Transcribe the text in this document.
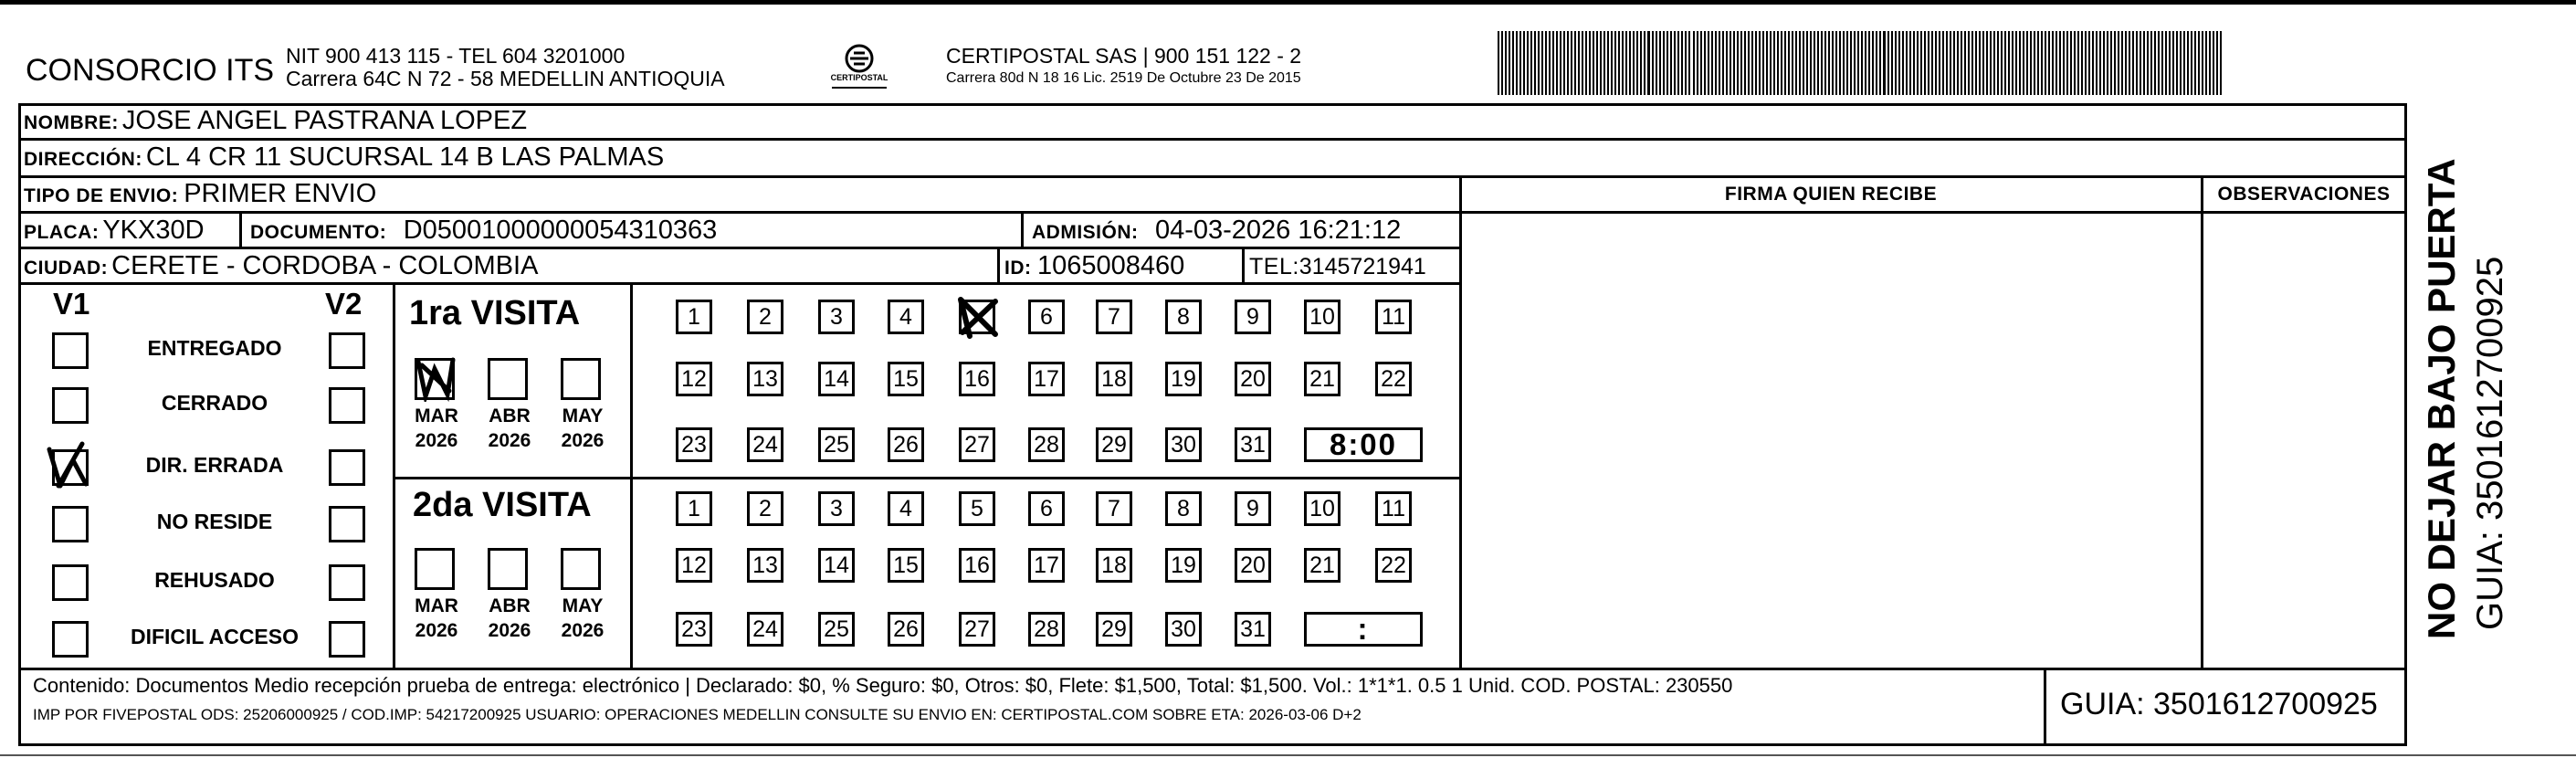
CONSORCIO ITS NIT 900 413 115 - TEL 604 3201000
Carrera 64C N 72 - 58 MEDELLIN ANTIOQUIA	CERTIPOSTAL
CERTIPOSTAL SAS | 900 151 122 - 2
Carrera 80d N 18 16 Lic. 2519 De Octubre 23 De 2015
NOMBRE: JOSE ANGEL PASTRANA LOPEZ
DIRECCIÓN: CL 4 CR 11 SUCURSAL 14 B LAS PALMAS
TIPO DE ENVIO: PRIMER ENVIO	FIRMA QUIEN RECIBE	OBSERVACIONES
PLACA: YKX30D DOCUMENTO: D050010000000543103​63	ADMISIÓN: 04-03-2026 16:21:12
CIUDAD: CERETE - CORDOBA - COLOMBIA	ID: 1065008460	TEL:3145721941
V1	V2
ENTREGADO
CERRADO
DIR. ERRADA
NO RESIDE
REHUSADO
DIFICIL ACCESO
1ra VISITA
MAR
2026
ABR
2026
MAY
2026
1	2	3	4	6	7	8	9	10 11
12 13 14 15 16 17 18 19 20 21 22
23 24 25 26 27 28 29 30 31	8:00
2da VISITA
MAR
2026
ABR
2026
MAY
2026
1	2	3	4	5	6	7	8	9	10 11
12 13 14 15 16 17 18 19 20 21 22
23 24 25 26 27 28 29 30 31	:
Contenido: Documentos Medio recepción prueba de entrega: electrónico | Declarado: $0, % Seguro: $0, Otros: $0, Flete: $1,500, Total: $1,500. Vol.: 1*1*1. 0.5 1 Unid. COD. POSTAL: 230550
IMP POR FIVEPOSTAL ODS: 25206000925 / COD.IMP: 54217200925 USUARIO: OPERACIONES MEDELLIN CONSULTE SU ENVIO EN: CERTIPOSTAL.COM SOBRE ETA: 2026-03-06 D+2	GUIA: 3501612700925
NO DEJAR BAJO PUERTA GUIA: 3501612700925
